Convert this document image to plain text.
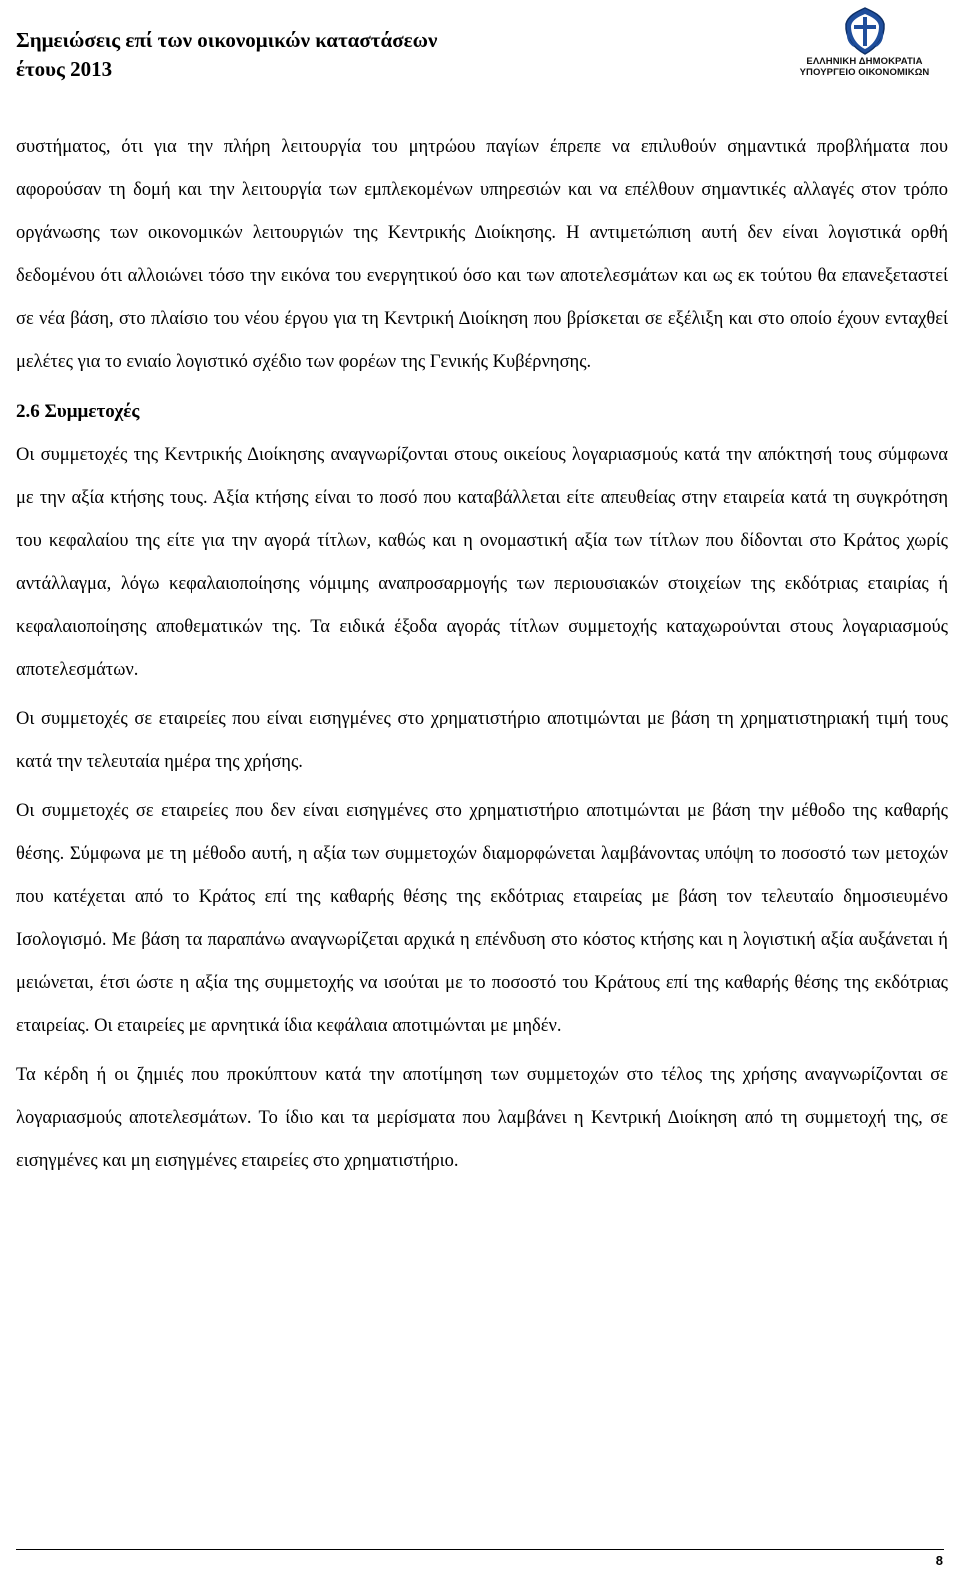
Σημειώσεις επί των οικονομικών καταστάσεων
έτους 2013	ΕΛΛΗΝΙΚΗ ΔΗΜΟΚΡΑΤΙΑ
ΥΠΟΥΡΓΕΙΟ ΟΙΚΟΝΟΜΙΚΩΝ

συστήματος, ότι για την πλήρη λειτουργία του μητρώου παγίων έπρεπε να επιλυθούν σημαντικά προβλήματα που αφορούσαν τη δομή και την λειτουργία των εμπλεκομένων υπηρεσιών και να επέλθουν σημαντικές αλλαγές στον τρόπο οργάνωσης των οικονομικών λειτουργιών της Κεντρικής Διοίκησης. Η αντιμετώπιση αυτή δεν είναι λογιστικά ορθή δεδομένου ότι αλλοιώνει τόσο την εικόνα του ενεργητικού όσο και των αποτελεσμάτων και ως εκ τούτου θα επανεξεταστεί σε νέα βάση, στο πλαίσιο του νέου έργου για τη Κεντρική Διοίκηση που βρίσκεται σε εξέλιξη και στο οποίο έχουν ενταχθεί μελέτες για το ενιαίο λογιστικό σχέδιο των φορέων της Γενικής Κυβέρνησης.

2.6 Συμμετοχές

Οι συμμετοχές της Κεντρικής Διοίκησης αναγνωρίζονται στους οικείους λογαριασμούς κατά την απόκτησή τους σύμφωνα με την αξία κτήσης τους. Αξία κτήσης είναι το ποσό που καταβάλλεται είτε απευθείας στην εταιρεία κατά τη συγκρότηση του κεφαλαίου της είτε για την αγορά τίτλων, καθώς και η ονομαστική αξία των τίτλων που δίδονται στο Κράτος χωρίς αντάλλαγμα, λόγω κεφαλαιοποίησης νόμιμης αναπροσαρμογής των περιουσιακών στοιχείων της εκδότριας εταιρίας ή κεφαλαιοποίησης αποθεματικών της. Τα ειδικά έξοδα αγοράς τίτλων συμμετοχής καταχωρούνται στους λογαριασμούς αποτελεσμάτων.

Οι συμμετοχές σε εταιρείες που είναι εισηγμένες στο χρηματιστήριο αποτιμώνται με βάση τη χρηματιστηριακή τιμή τους κατά την τελευταία ημέρα της χρήσης.

Οι συμμετοχές σε εταιρείες που δεν είναι εισηγμένες στο χρηματιστήριο αποτιμώνται με βάση την μέθοδο της καθαρής θέσης. Σύμφωνα με τη μέθοδο αυτή, η αξία των συμμετοχών διαμορφώνεται λαμβάνοντας υπόψη το ποσοστό των μετοχών που κατέχεται από το Κράτος επί της καθαρής θέσης της εκδότριας εταιρείας με βάση τον τελευταίο δημοσιευμένο Ισολογισμό. Με βάση τα παραπάνω αναγνωρίζεται αρχικά η επένδυση στο κόστος κτήσης και η λογιστική αξία αυξάνεται ή μειώνεται, έτσι ώστε η αξία της συμμετοχής να ισούται με το ποσοστό του Κράτους επί της καθαρής θέσης της εκδότριας εταιρείας. Οι εταιρείες με αρνητικά ίδια κεφάλαια αποτιμώνται με μηδέν.

Τα κέρδη ή οι ζημιές που προκύπτουν κατά την αποτίμηση των συμμετοχών στο τέλος της χρήσης αναγνωρίζονται σε λογαριασμούς αποτελεσμάτων. Το ίδιο και τα μερίσματα που λαμβάνει η Κεντρική Διοίκηση από τη συμμετοχή της, σε εισηγμένες και μη εισηγμένες εταιρείες στο χρηματιστήριο.

8
